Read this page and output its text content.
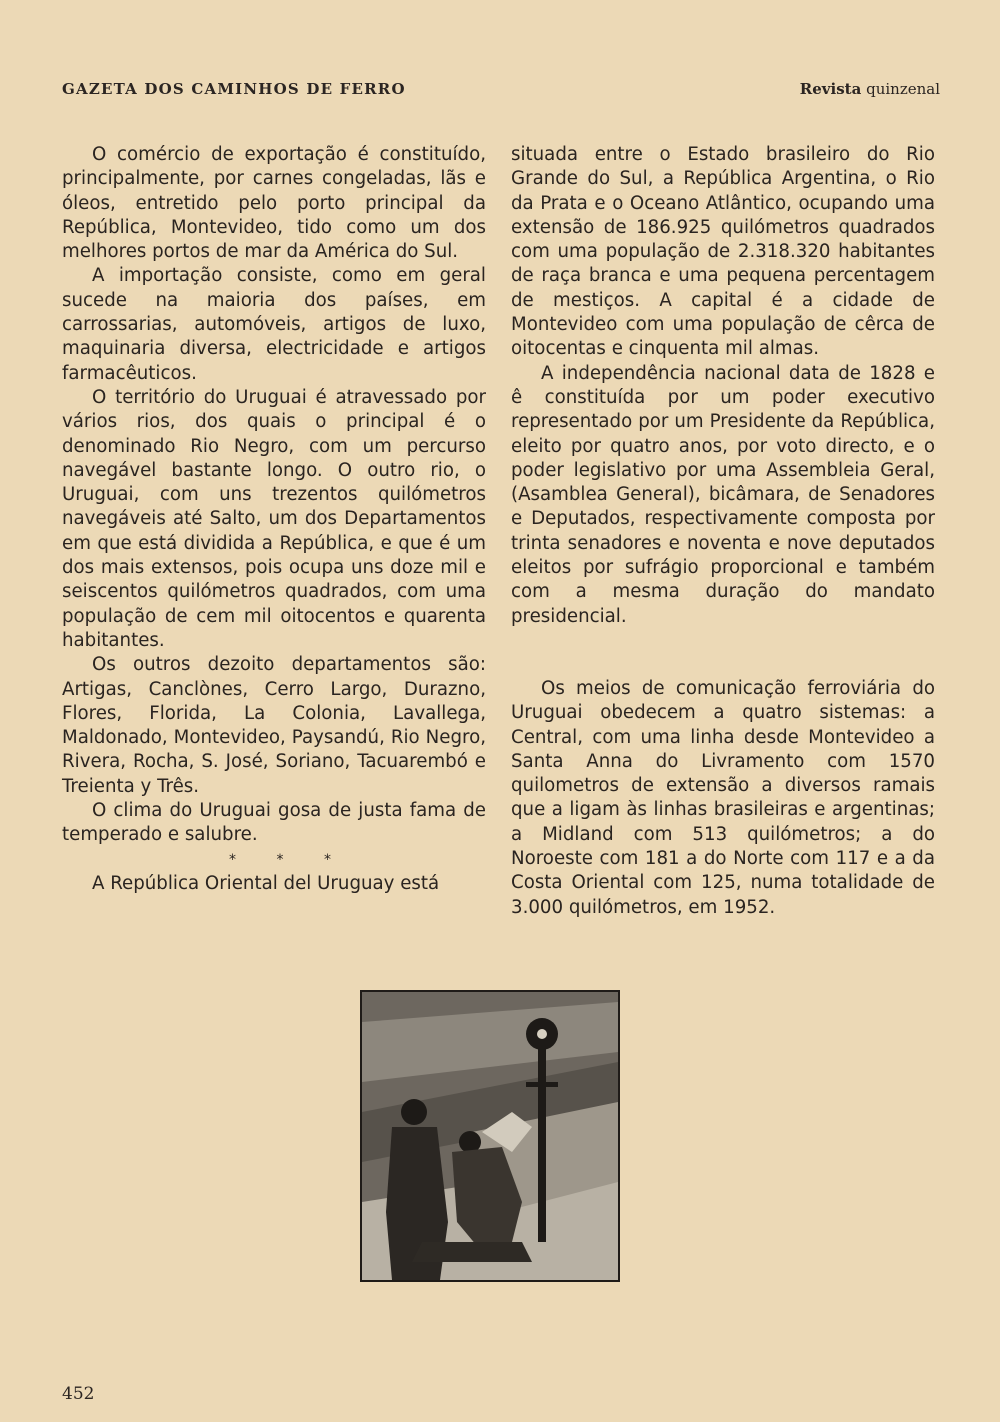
GAZETA DOS CAMINHOS DE FERRO	Revista quinzenal

O comércio de exportação é constituído, principalmente, por carnes congeladas, lãs e óleos, entretido pelo porto principal da República, Montevideo, tido como um dos melhores portos de mar da América do Sul.

A importação consiste, como em geral sucede na maioria dos países, em carrossarias, automóveis, artigos de luxo, maquinaria diversa, electricidade e artigos farmacêuticos.

O território do Uruguai é atravessado por vários rios, dos quais o principal é o denominado Rio Negro, com um percurso navegável bastante longo. O outro rio, o Uruguai, com uns trezentos quilómetros navegáveis até Salto, um dos Departamentos em que está dividida a República, e que é um dos mais extensos, pois ocupa uns doze mil e seiscentos quilómetros quadrados, com uma população de cem mil oitocentos e quarenta habitantes.

Os outros dezoito departamentos são: Artigas, Canclònes, Cerro Largo, Durazno, Flores, Florida, La Colonia, Lavallega, Maldonado, Montevideo, Paysandú, Rio Negro, Rivera, Rocha, S. José, Soriano, Tacuarembó e Treienta y Três.

O clima do Uruguai gosa de justa fama de temperado e salubre.

* * *

A República Oriental del Uruguay está

situada entre o Estado brasileiro do Rio Grande do Sul, a República Argentina, o Rio da Prata e o Oceano Atlântico, ocupando uma extensão de 186.925 quilómetros quadrados com uma população de 2.318.320 habitantes de raça branca e uma pequena percentagem de mestiços. A capital é a cidade de Montevideo com uma população de cêrca de oitocentas e cinquenta mil almas.

A independência nacional data de 1828 e ê constituída por um poder executivo representado por um Presidente da República, eleito por quatro anos, por voto directo, e o poder legislativo por uma Assembleia Geral, (Asamblea General), bicâmara, de Senadores e Deputados, respectivamente composta por trinta senadores e noventa e nove deputados eleitos por sufrágio proporcional e também com a mesma duração do mandato presidencial.

Os meios de comunicação ferroviária do Uruguai obedecem a quatro sistemas: a Central, com uma linha desde Montevideo a Santa Anna do Livramento com 1570 quilometros de extensão a diversos ramais que a ligam às linhas brasileiras e argentinas; a Midland com 513 quilómetros; a do Noroeste com 181 a do Norte com 117 e a da Costa Oriental com 125, numa totalidade de 3.000 quilómetros, em 1952.

452
